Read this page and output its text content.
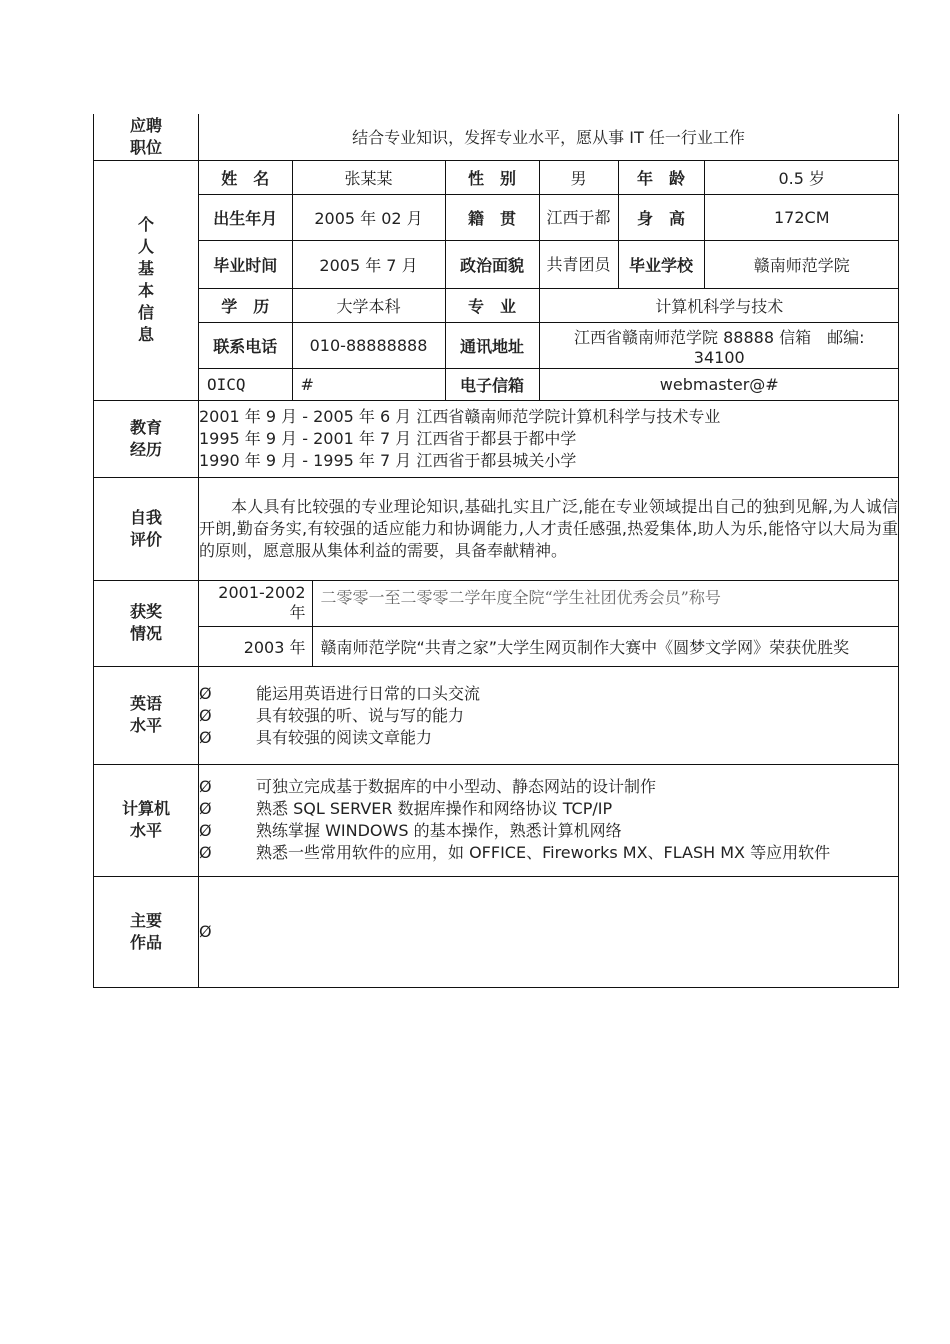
应聘
职位	结合专业知识，发挥专业水平，愿从事 IT 任一行业工作

个
人
基
本
信
息

姓　名	张某某	性　别	男	年　龄	0.5 岁
出生年月	2005 年 02 月	籍　贯	江西于都	身　高	172CM
毕业时间	2005 年 7 月	政治面貌	共青团员	毕业学校	赣南师范学院
学　历	大学本科	专　业	计算机科学与技术
联系电话	010-88888888	通讯地址	江西省赣南师范学院 88888 信箱　邮编: 34100
OICQ	#	电子信箱	webmaster@#

教育
经历

2001 年 9 月 - 2005 年 6 月 江西省赣南师范学院计算机科学与技术专业
1995 年 9 月 - 2001 年 7 月 江西省于都县于都中学
1990 年 9 月 - 1995 年 7 月 江西省于都县城关小学

自我
评价
	本人具有比较强的专业理论知识,基础扎实且广泛,能在专业领域提出自己的独到见解,为人诚信开朗,勤奋务实,有较强的适应能力和协调能力,人才责任感强,热爱集体,助人为乐,能恪守以大局为重的原则，愿意服从集体利益的需要，具备奉献精神。

获奖
情况

2001-2002 年	二零零一至二零零二学年度全院“学生社团优秀会员”称号
2003 年	赣南师范学院“共青之家”大学生网页制作大赛中《圆梦文学网》荣获优胜奖

英语
水平

Ø	能运用英语进行日常的口头交流
Ø	具有较强的听、说与写的能力
Ø	具有较强的阅读文章能力

计算机
水平

Ø	可独立完成基于数据库的中小型动、静态网站的设计制作
Ø	熟悉 SQL SERVER 数据库操作和网络协议 TCP/IP
Ø	熟练掌握 WINDOWS 的基本操作，熟悉计算机网络
Ø	熟悉一些常用软件的应用，如 OFFICE、Fireworks MX、FLASH MX 等应用软件

主要
作品

Ø
